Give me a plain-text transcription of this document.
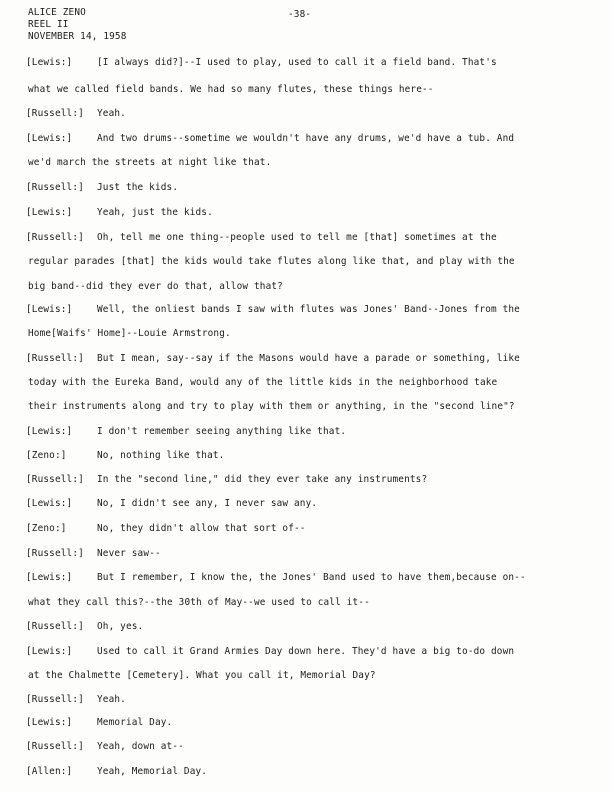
ALICE ZENO
REEL II
NOVEMBER 14, 1958
-38-
[Lewis:]	[I always did?]--I used to play, used to call it a field band. That's
what we called field bands. We had so many flutes, these things here--
[Russell:] Yeah.
[Lewis:]	And two drums--sometime we wouldn't have any drums, we'd have a tub. And
we'd march the streets at night like that.
[Russell:] Just the kids.
[Lewis:]	Yeah, just the kids.
[Russell:] Oh, tell me one thing--people used to tell me [that] sometimes at the
regular parades [that] the kids would take flutes along like that, and play with the
big band--did they ever do that, allow that?
[Lewis:]	Well, the onliest bands I saw with flutes was Jones' Band--Jones from the
Home[Waifs' Home]--Louie Armstrong.
[Russell:] But I mean, say--say if the Masons would have a parade or something, like
today with the Eureka Band, would any of the little kids in the neighborhood take
their instruments along and try to play with them or anything, in the "second line"?
[Lewis:]	I don't remember seeing anything like that.
[Zeno:]	No, nothing like that.
[Russell:] In the "second line," did they ever take any instruments?
[Lewis:]	No, I didn't see any, I never saw any.
[Zeno:]	No, they didn't allow that sort of--
[Russell:] Never saw--
[Lewis:]	But I remember, I know the, the Jones' Band used to have them,because on--
what they call this?--the 30th of May--we used to call it--
[Russell:] Oh, yes.
[Lewis:]	Used to call it Grand Armies Day down here. They'd have a big to-do down
at the Chalmette [Cemetery]. What you call it, Memorial Day?
[Russell:] Yeah.
[Lewis:]	Memorial Day.
[Russell:] Yeah, down at--
[Allen:]	Yeah, Memorial Day.
